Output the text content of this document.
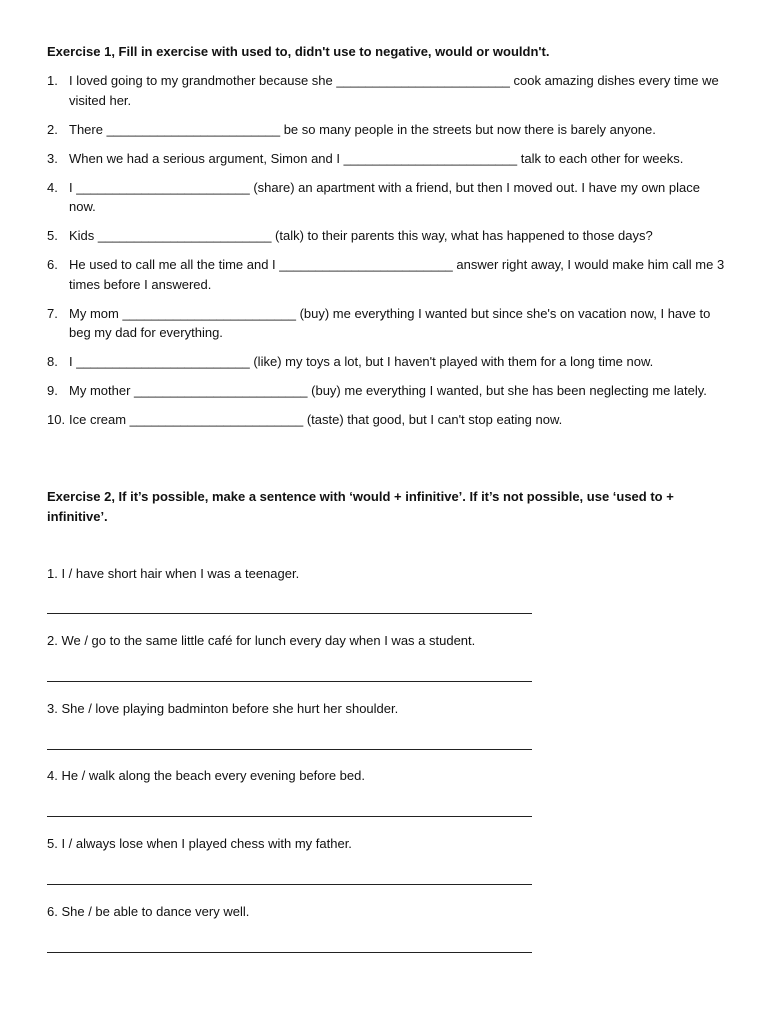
Exercise 1, Fill in exercise with used to, didn't use to negative, would or wouldn't.
1. I loved going to my grandmother because she ________________________ cook amazing dishes every time we visited her.
2. There ________________________ be so many people in the streets but now there is barely anyone.
3. When we had a serious argument, Simon and I ________________________ talk to each other for weeks.
4. I ________________________ (share) an apartment with a friend, but then I moved out. I have my own place now.
5. Kids ________________________ (talk) to their parents this way, what has happened to those days?
6. He used to call me all the time and I ________________________ answer right away, I would make him call me 3 times before I answered.
7. My mom ________________________ (buy) me everything I wanted but since she's on vacation now, I have to beg my dad for everything.
8. I ________________________ (like) my toys a lot, but I haven't played with them for a long time now.
9. My mother ________________________ (buy) me everything I wanted, but she has been neglecting me lately.
10. Ice cream ________________________ (taste) that good, but I can't stop eating now.
Exercise 2, If it’s possible, make a sentence with ‘would + infinitive’. If it’s not possible, use ‘used to + infinitive’.
1. I / have short hair when I was a teenager.
2. We / go to the same little café for lunch every day when I was a student.
3. She / love playing badminton before she hurt her shoulder.
4. He / walk along the beach every evening before bed.
5. I / always lose when I played chess with my father.
6. She / be able to dance very well.
